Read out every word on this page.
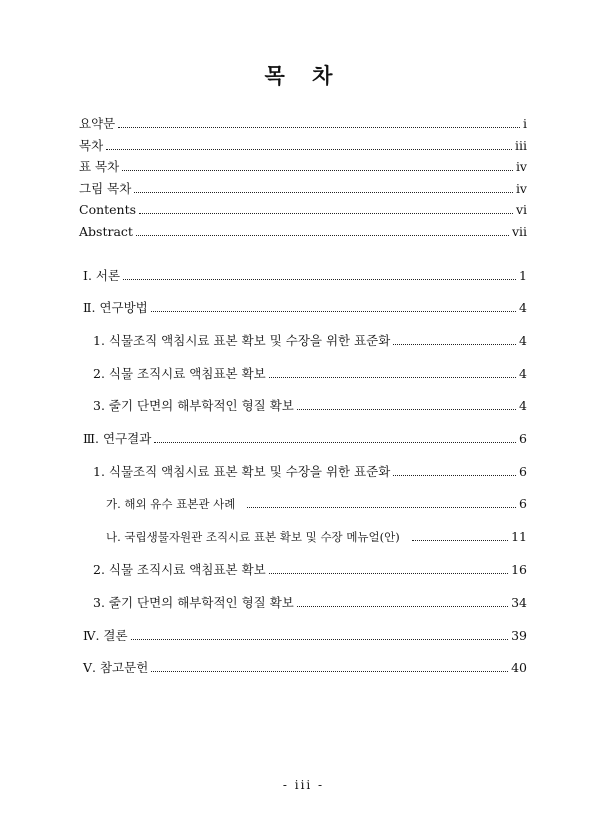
목 차
요약문	i
목차	iii
표 목차	iv
그림 목차	iv
Contents	vi
Abstract	vii
Ⅰ. 서론	1
Ⅱ. 연구방법	4
1. 식물조직 액침시료 표본 확보 및 수장을 위한 표준화	4
2. 식물 조직시료 액침표본 확보	4
3. 줄기 단면의 해부학적인 형질 확보	4
Ⅲ. 연구결과	6
1. 식물조직 액침시료 표본 확보 및 수장을 위한 표준화	6
가. 해외 유수 표본관 사례	6
나. 국립생물자원관 조직시료 표본 확보 및 수장 메뉴얼(안)	11
2. 식물 조직시료 액침표본 확보	16
3. 줄기 단면의 해부학적인 형질 확보	34
Ⅳ. 결론	39
Ⅴ. 참고문헌	40
- iii -
